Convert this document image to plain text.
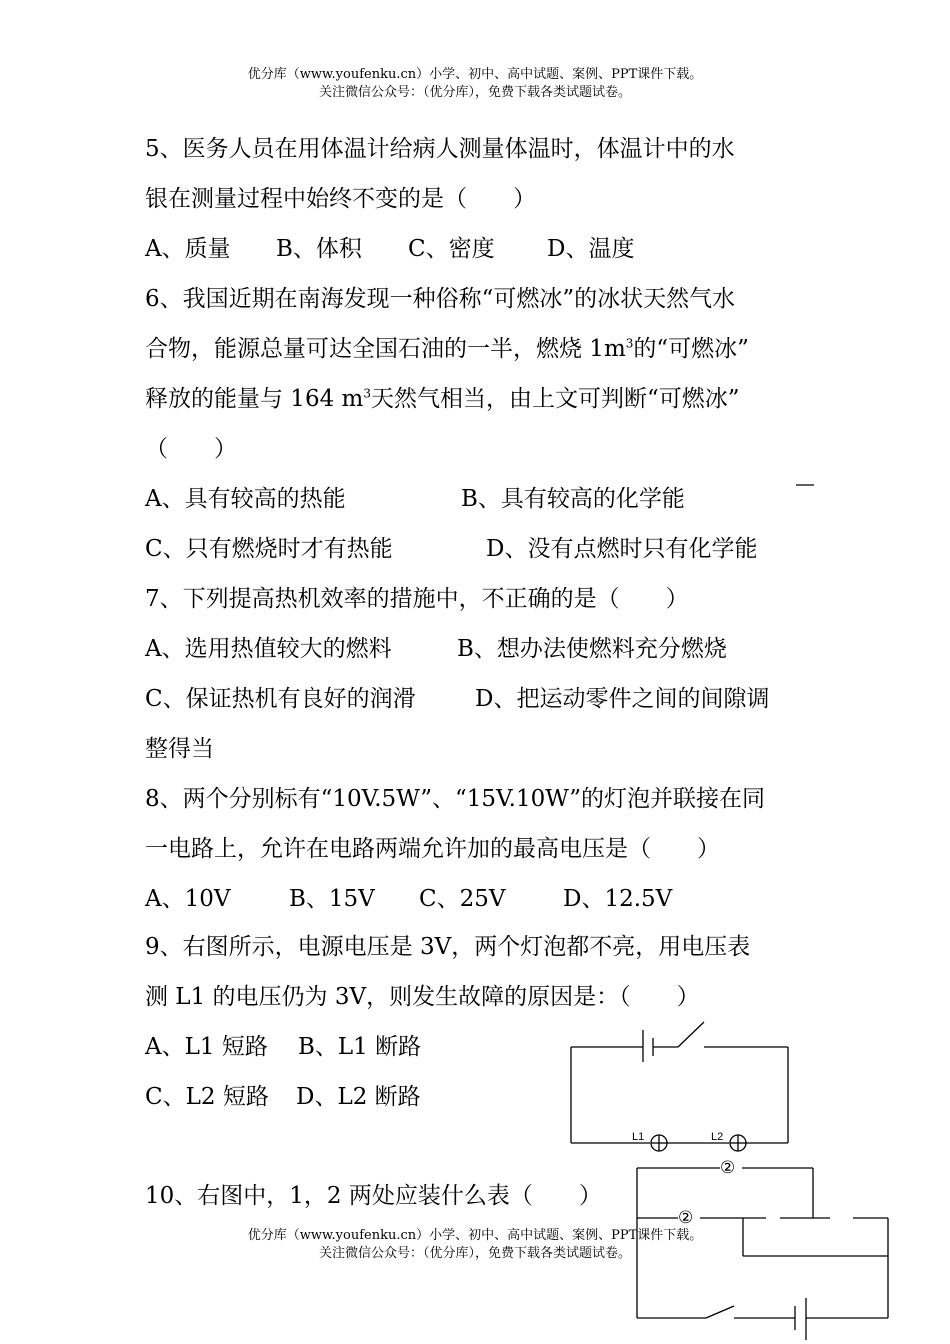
优分库（www.youfenku.cn）小学、初中、高中试题、案例、PPT课件下载。
关注微信公众号：（优分库），免费下载各类试题试卷。
5、医务人员在用体温计给病人测量体温时，体温计中的水
银在测量过程中始终不变的是（　　）
A、质量 B、体积 C、密度 D、温度
6、我国近期在南海发现一种俗称“可燃冰”的冰状天然气水
合物，能源总量可达全国石油的一半，燃烧 $1m^3$的“可燃冰”
释放的能量与 164 $m^3$天然气相当，由上文可判断“可燃冰”
（　　）
A、具有较高的热能	B、具有较高的化学能
C、只有燃烧时才有热能	D、没有点燃时只有化学能
7、下列提高热机效率的措施中，不正确的是（　　）
A、选用热值较大的燃料	B、想办法使燃料充分燃烧
C、保证热机有良好的润滑	D、把运动零件之间的间隙调
整得当
8、两个分别标有“10V.5W”、“15V.10W”的灯泡并联接在同
一电路上，允许在电路两端允许加的最高电压是（　　）
A、10V	B、15V C、25V	D、12.5V
9、右图所示，电源电压是 3V，两个灯泡都不亮，用电压表
测 L1 的电压仍为 3V，则发生故障的原因是：（　　）
A、L1 短路 B、L1 断路
C、L2 短路 D、L2 断路
10、右图中，1，2 两处应装什么表（　　）
L1	L2
②
②
优分库（www.youfenku.cn）小学、初中、高中试题、案例、PPT课件下载。
关注微信公众号：（优分库），免费下载各类试题试卷。
